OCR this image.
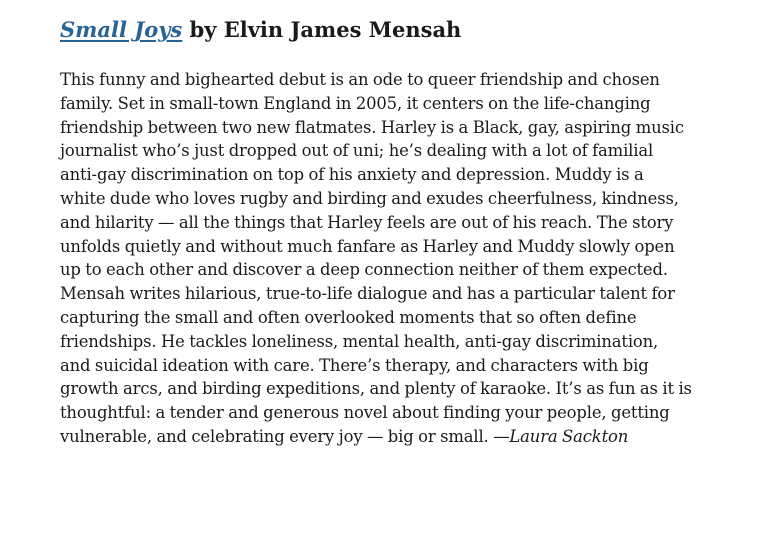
Small Joys by Elvin James Mensah

This funny and bighearted debut is an ode to queer friendship and chosen
family. Set in small-town England in 2005, it centers on the life-changing
friendship between two new flatmates. Harley is a Black, gay, aspiring music
journalist who’s just dropped out of uni; he’s dealing with a lot of familial
anti-gay discrimination on top of his anxiety and depression. Muddy is a
white dude who loves rugby and birding and exudes cheerfulness, kindness,
and hilarity — all the things that Harley feels are out of his reach. The story
unfolds quietly and without much fanfare as Harley and Muddy slowly open
up to each other and discover a deep connection neither of them expected.
Mensah writes hilarious, true-to-life dialogue and has a particular talent for
capturing the small and often overlooked moments that so often define
friendships. He tackles loneliness, mental health, anti-gay discrimination,
and suicidal ideation with care. There’s therapy, and characters with big
growth arcs, and birding expeditions, and plenty of karaoke. It’s as fun as it is
thoughtful: a tender and generous novel about finding your people, getting
vulnerable, and celebrating every joy — big or small. —Laura Sackton
